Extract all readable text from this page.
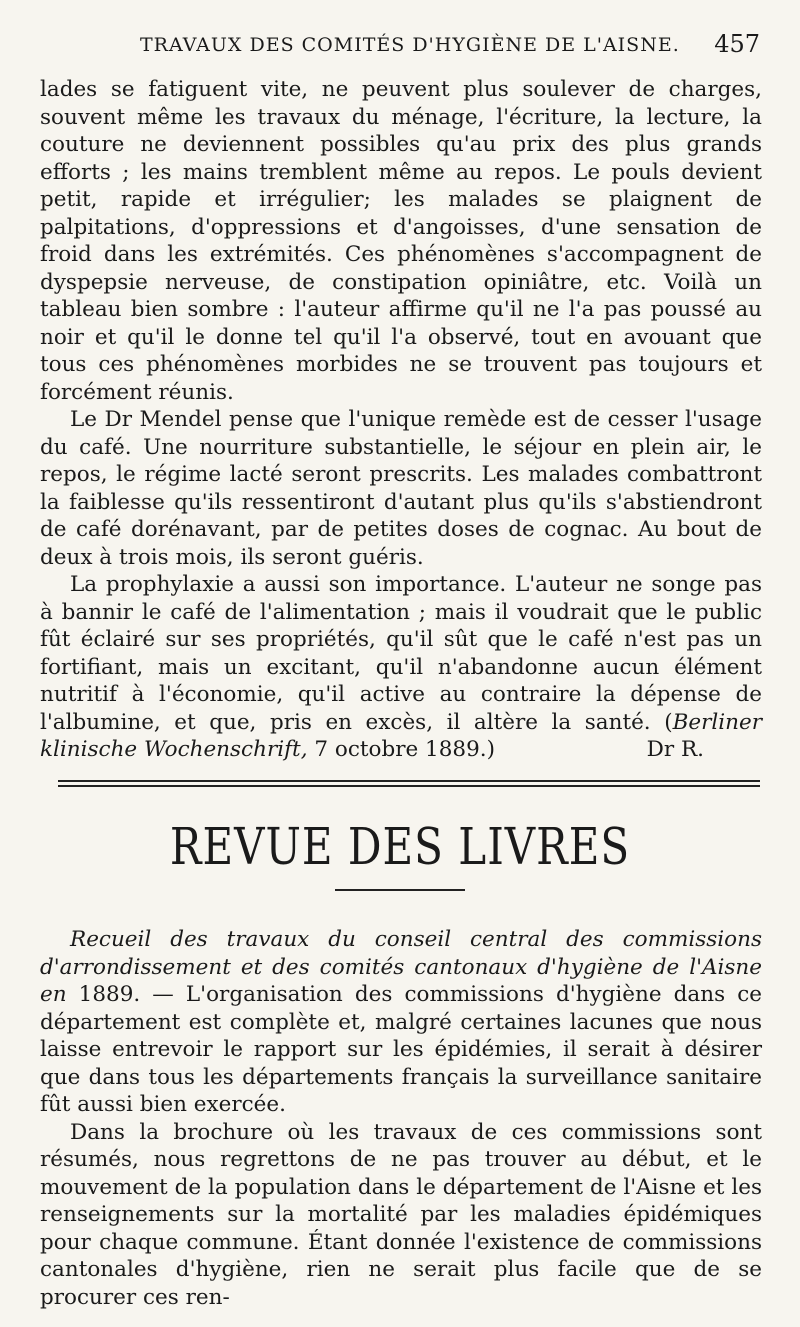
TRAVAUX DES COMITÉS D'HYGIÈNE DE L'AISNE. 457

lades se fatiguent vite, ne peuvent plus soulever de charges, souvent même les travaux du ménage, l'écriture, la lecture, la couture ne deviennent possibles qu'au prix des plus grands efforts ; les mains tremblent même au repos. Le pouls devient petit, rapide et irrégulier; les malades se plaignent de palpitations, d'oppressions et d'angoisses, d'une sensation de froid dans les extrémités. Ces phénomènes s'accompagnent de dyspepsie nerveuse, de constipation opiniâtre, etc. Voilà un tableau bien sombre : l'auteur affirme qu'il ne l'a pas poussé au noir et qu'il le donne tel qu'il l'a observé, tout en avouant que tous ces phénomènes morbides ne se trouvent pas toujours et forcément réunis.

Le Dr Mendel pense que l'unique remède est de cesser l'usage du café. Une nourriture substantielle, le séjour en plein air, le repos, le régime lacté seront prescrits. Les malades combattront la faiblesse qu'ils ressentiront d'autant plus qu'ils s'abstiendront de café dorénavant, par de petites doses de cognac. Au bout de deux à trois mois, ils seront guéris.

La prophylaxie a aussi son importance. L'auteur ne songe pas à bannir le café de l'alimentation ; mais il voudrait que le public fût éclairé sur ses propriétés, qu'il sût que le café n'est pas un fortifiant, mais un excitant, qu'il n'abandonne aucun élément nutritif à l'économie, qu'il active au contraire la dépense de l'albumine, et que, pris en excès, il altère la santé. (Berliner klinische Wochenschrift, 7 octobre 1889.)	Dr R.
REVUE DES LIVRES

Recueil des travaux du conseil central des commissions d'arrondissement et des comités cantonaux d'hygiène de l'Aisne en 1889. — L'organisation des commissions d'hygiène dans ce département est complète et, malgré certaines lacunes que nous laisse entrevoir le rapport sur les épidémies, il serait à désirer que dans tous les départements français la surveillance sanitaire fût aussi bien exercée.

Dans la brochure où les travaux de ces commissions sont résumés, nous regrettons de ne pas trouver au début, et le mouvement de la population dans le département de l'Aisne et les renseignements sur la mortalité par les maladies épidémiques pour chaque commune. Étant donnée l'existence de commissions cantonales d'hygiène, rien ne serait plus facile que de se procurer ces ren-
